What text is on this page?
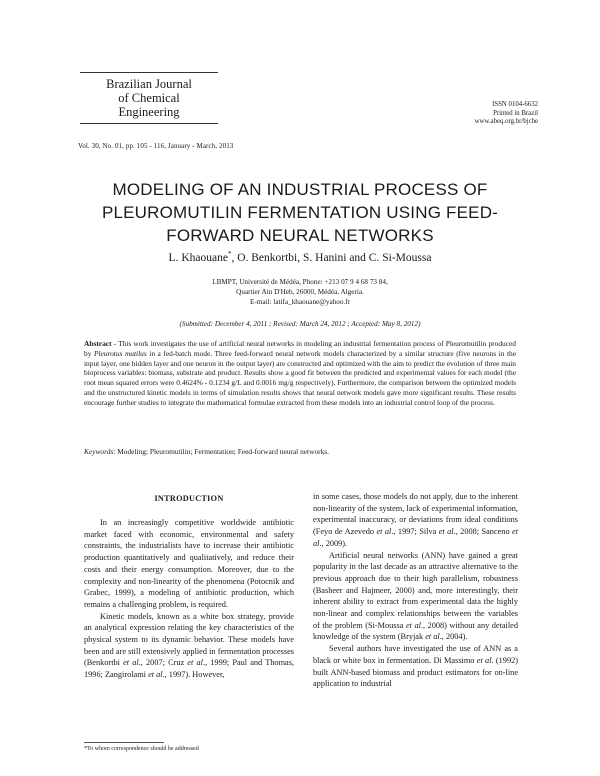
Brazilian Journal
of Chemical
Engineering
ISSN 0104-6632
Printed in Brazil
www.abeq.org.br/bjche
Vol. 30, No. 01, pp. 105 - 116, January - March, 2013
MODELING OF AN INDUSTRIAL PROCESS OF
PLEUROMUTILIN FERMENTATION USING FEED-
FORWARD NEURAL NETWORKS
L. Khaouane*, O. Benkortbi, S. Hanini and C. Si-Moussa
LBMPT, Université de Médéa, Phone: +213 07 9 4 68 73 84,
Quartier Ain D'Heb, 26000, Médéa, Algeria.
E-mail: latifa_khaouane@yahoo.fr
(Submitted: December 4, 2011 ; Revised: March 24, 2012 ; Accepted: May 8, 2012)
Abstract - This work investigates the use of artificial neural networks in modeling an industrial fermentation process of Pleuromutilin produced by Pleurotus mutilus in a fed-batch mode. Three feed-forward neural network models characterized by a similar structure (five neurons in the input layer, one hidden layer and one neuron in the output layer) are constructed and optimized with the aim to predict the evolution of three main bioprocess variables: biomass, substrate and product. Results show a good fit between the predicted and experimental values for each model (the root mean squared errors were 0.4624% - 0.1234 g/L and 0.0016 mg/g respectively). Furthermore, the comparison between the optimized models and the unstructured kinetic models in terms of simulation results shows that neural network models gave more significant results. These results encourage further studies to integrate the mathematical formulae extracted from these models into an industrial control loop of the process.
Keywords: Modeling; Pleuromutilin; Fermentation; Feed-forward neural networks.
INTRODUCTION

In an increasingly competitive worldwide antibiotic market faced with economic, environmental and safety constraints, the industrialists have to increase their antibiotic production quantitatively and qualitatively, and reduce their costs and their energy consumption. Moreover, due to the complexity and non-linearity of the phenomena (Potocnik and Grabec, 1999), a modeling of antibiotic production, which remains a challenging problem, is required.

Kinetic models, known as a white box strategy, provide an analytical expression relating the key characteristics of the physical system to its dynamic behavior. These models have been and are still extensively applied in fermentation processes (Benkortbi et al., 2007; Cruz et al., 1999; Paul and Thomas, 1996; Zangirolami et al., 1997). However,

in some cases, those models do not apply, due to the inherent non-linearity of the system, lack of experimental information, experimental inaccuracy, or deviations from ideal conditions (Feyo de Azevedo et al., 1997; Silva et al., 2008; Sanceno et al., 2009).

Artificial neural networks (ANN) have gained a great popularity in the last decade as an attractive alternative to the previous approach due to their high parallelism, robustness (Basheer and Hajmeer, 2000) and, more interestingly, their inherent ability to extract from experimental data the highly non-linear and complex relationships between the variables of the problem (Si-Moussa et al., 2008) without any detailed knowledge of the system (Bryjak et al., 2004).

Several authors have investigated the use of ANN as a black or white box in fermentation. Di Massimo et al. (1992) built ANN-based biomass and product estimators for on-line application to industrial

*To whom correspondence should be addressed
